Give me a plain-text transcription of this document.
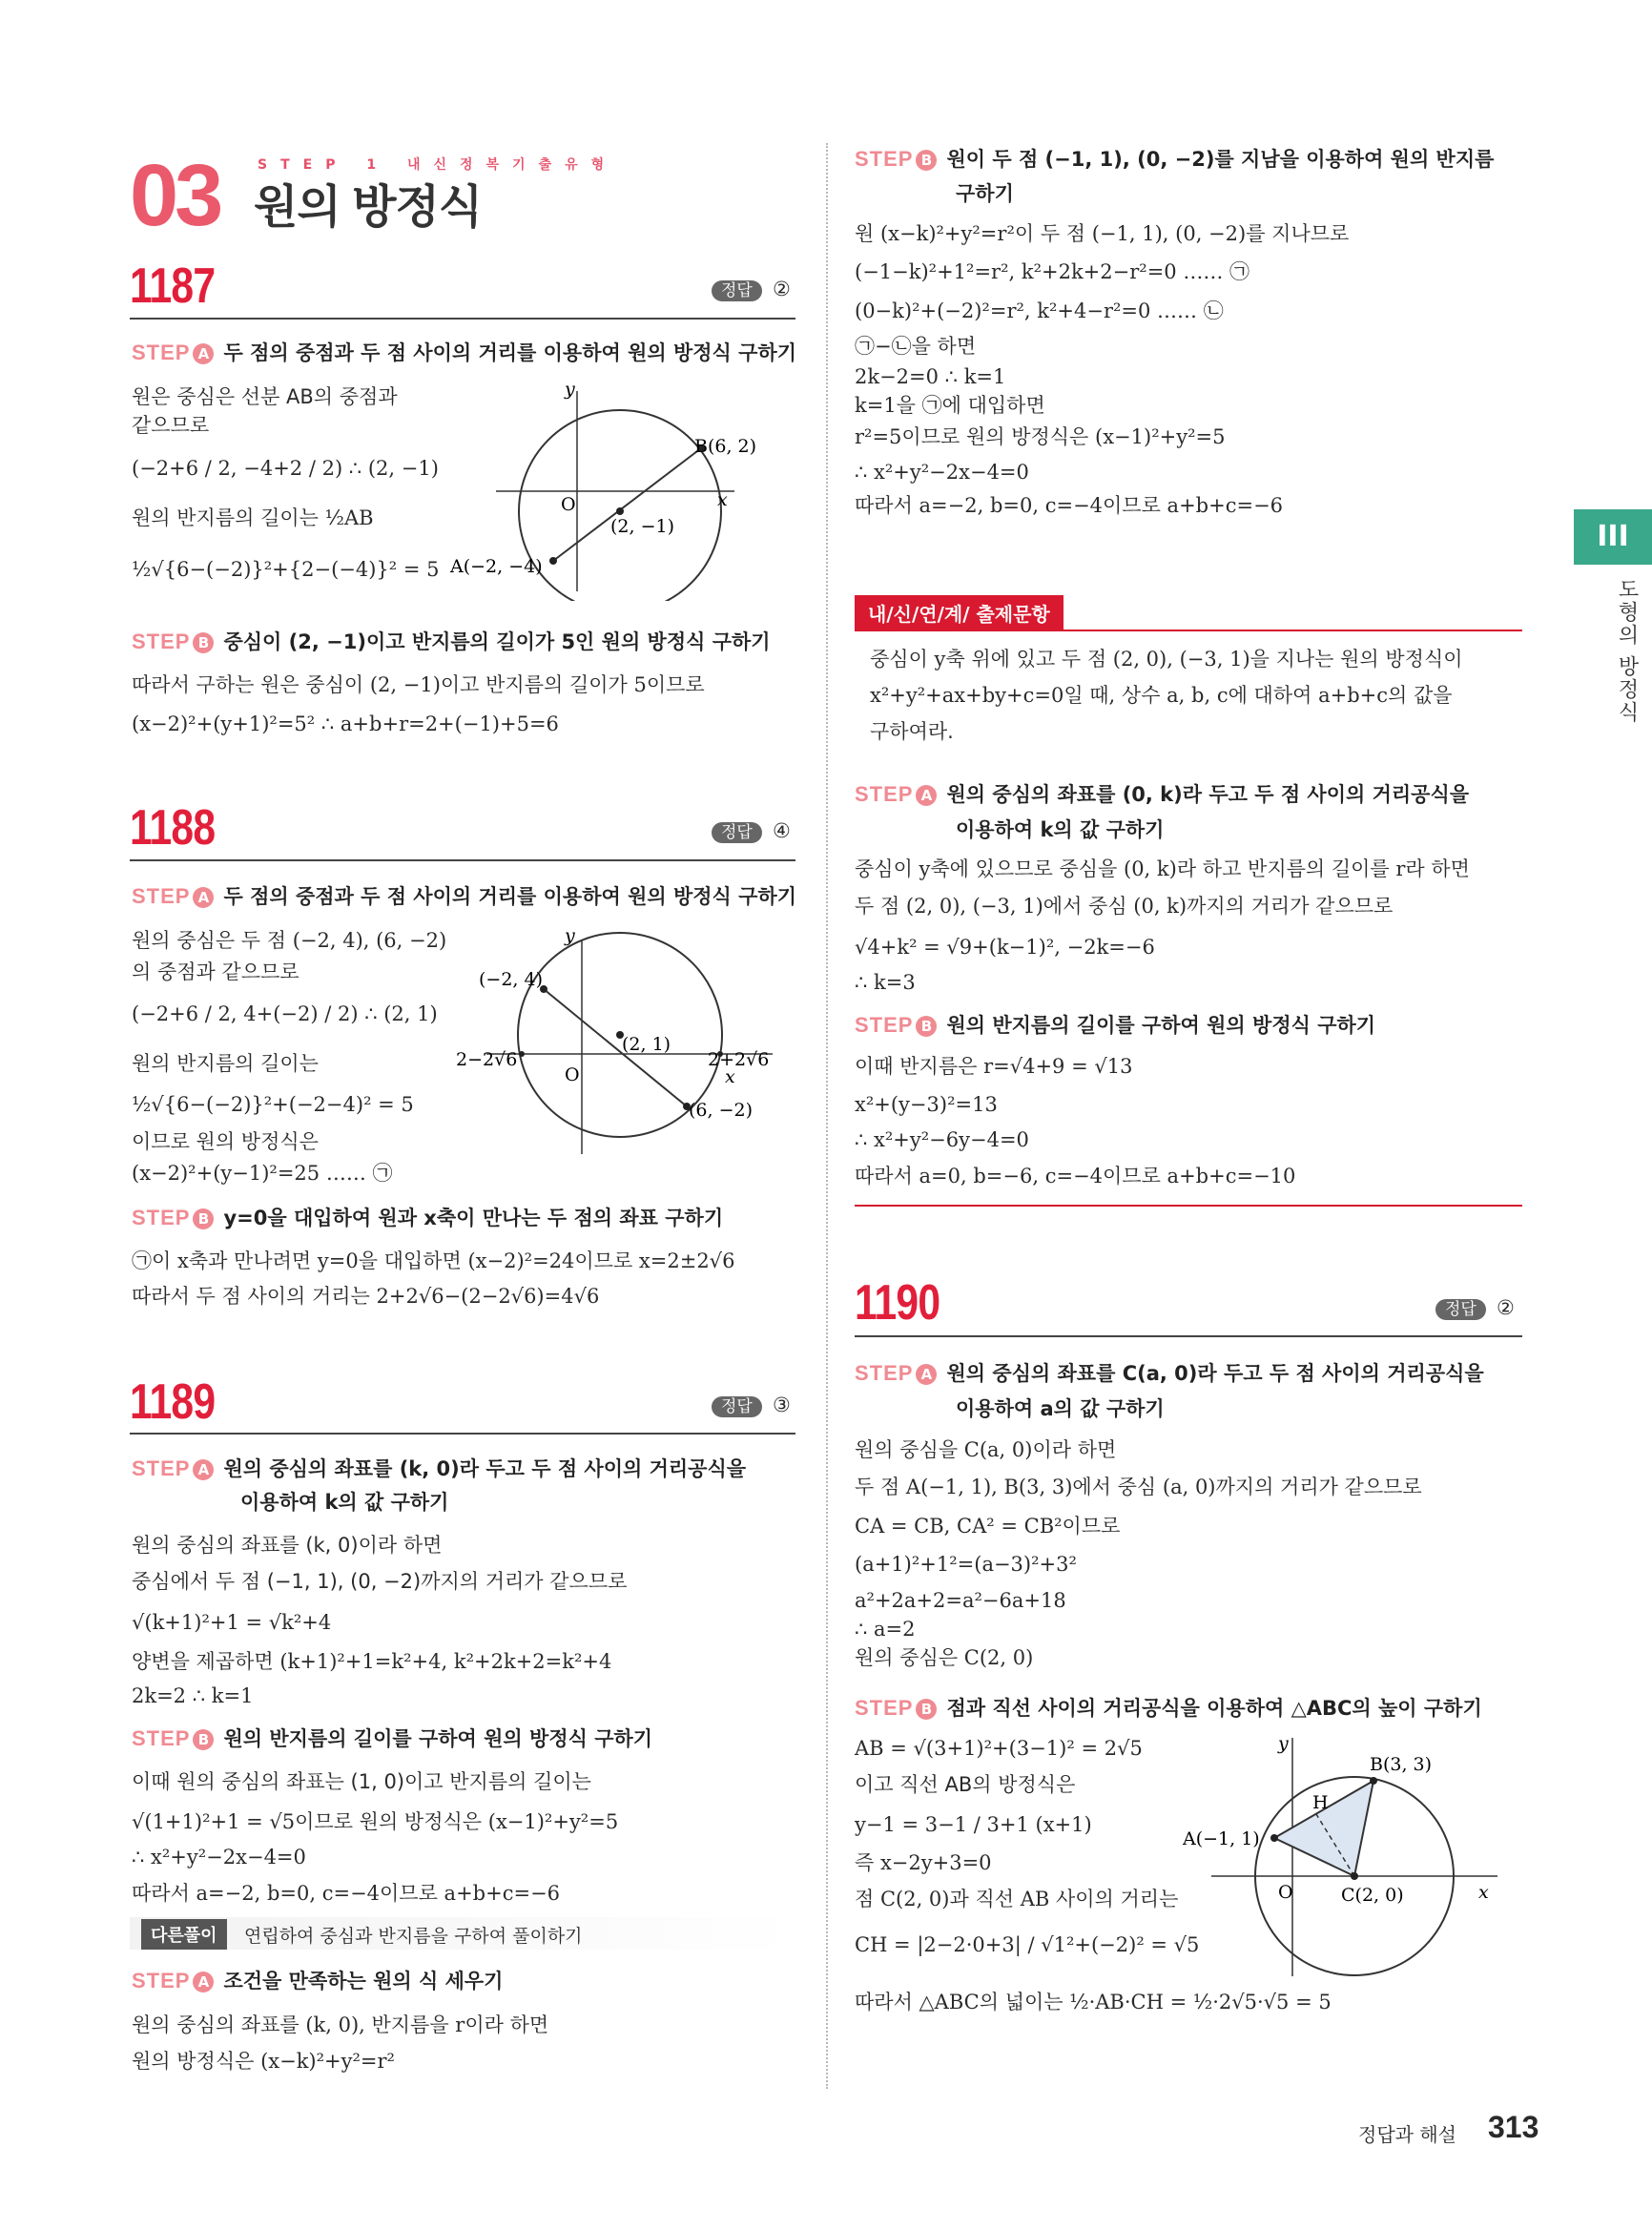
03	STEP 1 내신정복기출유형
원의 방정식
III
도형의 방정식
1187	정답 ②
STEP A 두 점의 중점과 두 점 사이의 거리를 이용하여 원의 방정식 구하기
원은 중심은 선분 AB의 중점과
같으므로
(−2+6 / 2, −4+2 / 2) ∴ (2, −1)
원의 반지름의 길이는 ½AB
½√{6−(−2)}²+{2−(−4)}² = 5
y
x
O
B(6, 2)
A(−2, −4)
(2, −1)
STEP B 중심이 (2, −1)이고 반지름의 길이가 5인 원의 방정식 구하기
따라서 구하는 원은 중심이 (2, −1)이고 반지름의 길이가 5이므로
(x−2)²+(y+1)²=5² ∴ a+b+r=2+(−1)+5=6
1188	정답 ④
STEP A 두 점의 중점과 두 점 사이의 거리를 이용하여 원의 방정식 구하기
원의 중심은 두 점 (−2, 4), (6, −2)
의 중점과 같으므로
(−2+6 / 2, 4+(−2) / 2) ∴ (2, 1)
원의 반지름의 길이는
½√{6−(−2)}²+(−2−4)² = 5
이므로 원의 방정식은
(x−2)²+(y−1)²=25 …… ㉠
y
x
O
(−2, 4)
(6, −2)
(2, 1)
2−2√6	2+2√6
STEP B y=0을 대입하여 원과 x축이 만나는 두 점의 좌표 구하기
㉠이 x축과 만나려면 y=0을 대입하면 (x−2)²=24이므로 x=2±2√6
따라서 두 점 사이의 거리는 2+2√6−(2−2√6)=4√6
1189	정답 ③
STEP A 원의 중심의 좌표를 (k, 0)라 두고 두 점 사이의 거리공식을
이용하여 k의 값 구하기
원의 중심의 좌표를 (k, 0)이라 하면
중심에서 두 점 (−1, 1), (0, −2)까지의 거리가 같으므로
√(k+1)²+1 = √k²+4
양변을 제곱하면 (k+1)²+1=k²+4, k²+2k+2=k²+4
2k=2 ∴ k=1
STEP B 원의 반지름의 길이를 구하여 원의 방정식 구하기
이때 원의 중심의 좌표는 (1, 0)이고 반지름의 길이는
√(1+1)²+1 = √5이므로 원의 방정식은 (x−1)²+y²=5
∴ x²+y²−2x−4=0
따라서 a=−2, b=0, c=−4이므로 a+b+c=−6
다른풀이	연립하여 중심과 반지름을 구하여 풀이하기
STEP A 조건을 만족하는 원의 식 세우기
원의 중심의 좌표를 (k, 0), 반지름을 r이라 하면
원의 방정식은 (x−k)²+y²=r²
STEP B 원이 두 점 (−1, 1), (0, −2)를 지남을 이용하여 원의 반지름
구하기
원 (x−k)²+y²=r²이 두 점 (−1, 1), (0, −2)를 지나므로
(−1−k)²+1²=r², k²+2k+2−r²=0 …… ㉠
(0−k)²+(−2)²=r², k²+4−r²=0 …… ㉡
㉠−㉡을 하면
2k−2=0 ∴ k=1
k=1을 ㉠에 대입하면
r²=5이므로 원의 방정식은 (x−1)²+y²=5
∴ x²+y²−2x−4=0
따라서 a=−2, b=0, c=−4이므로 a+b+c=−6
내/신/연/계/ 출제문항
중심이 y축 위에 있고 두 점 (2, 0), (−3, 1)을 지나는 원의 방정식이
x²+y²+ax+by+c=0일 때, 상수 a, b, c에 대하여 a+b+c의 값을
구하여라.
STEP A 원의 중심의 좌표를 (0, k)라 두고 두 점 사이의 거리공식을
이용하여 k의 값 구하기
중심이 y축에 있으므로 중심을 (0, k)라 하고 반지름의 길이를 r라 하면
두 점 (2, 0), (−3, 1)에서 중심 (0, k)까지의 거리가 같으므로
√4+k² = √9+(k−1)², −2k=−6
∴ k=3
STEP B 원의 반지름의 길이를 구하여 원의 방정식 구하기
이때 반지름은 r=√4+9 = √13
x²+(y−3)²=13
∴ x²+y²−6y−4=0
따라서 a=0, b=−6, c=−4이므로 a+b+c=−10
1190	정답 ②
STEP A 원의 중심의 좌표를 C(a, 0)라 두고 두 점 사이의 거리공식을
이용하여 a의 값 구하기
원의 중심을 C(a, 0)이라 하면
두 점 A(−1, 1), B(3, 3)에서 중심 (a, 0)까지의 거리가 같으므로
CA = CB, CA² = CB²이므로
(a+1)²+1²=(a−3)²+3²
a²+2a+2=a²−6a+18
∴ a=2
원의 중심은 C(2, 0)
STEP B 점과 직선 사이의 거리공식을 이용하여 △ABC의 높이 구하기
AB = √(3+1)²+(3−1)² = 2√5
이고 직선 AB의 방정식은
y−1 = 3−1 / 3+1 (x+1)
즉 x−2y+3=0
점 C(2, 0)과 직선 AB 사이의 거리는
CH = |2−2·0+3| / √1²+(−2)² = √5
따라서 △ABC의 넓이는 ½·AB·CH = ½·2√5·√5 = 5
y
x
O
B(3, 3)
A(−1, 1)
C(2, 0)
H
정답과 해설 313
